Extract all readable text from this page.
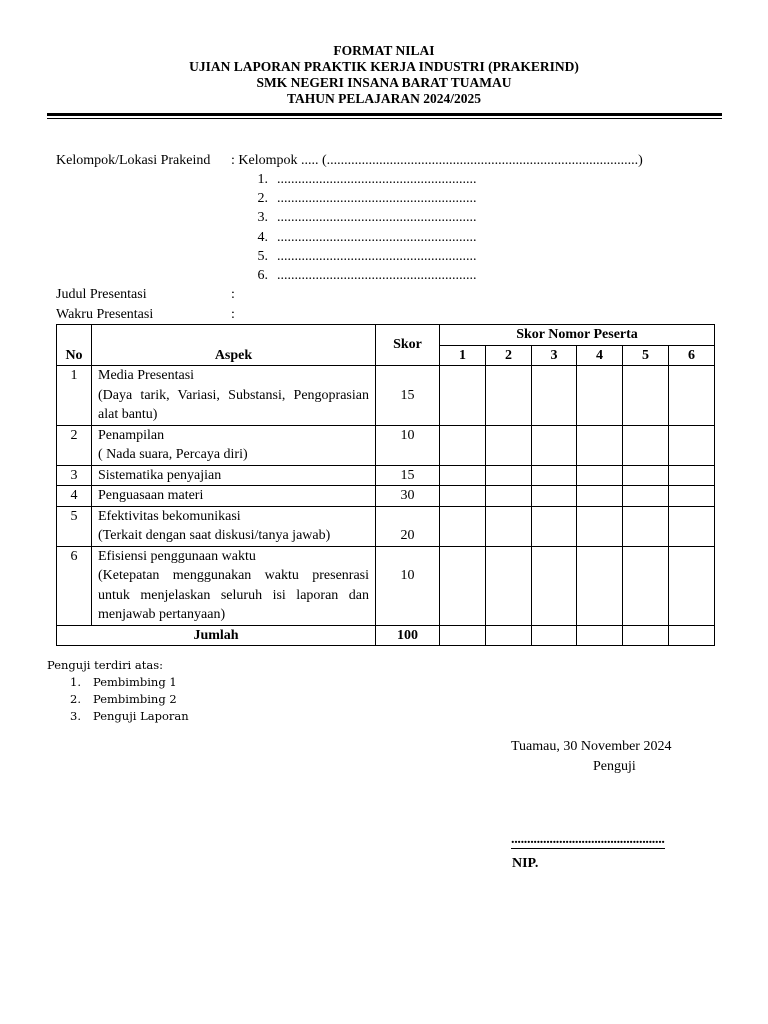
FORMAT NILAI
UJIAN LAPORAN PRAKTIK KERJA INDUSTRI (PRAKERIND)
SMK NEGERI INSANA BARAT TUAMAU
TAHUN PELAJARAN 2024/2025
Kelompok/Lokasi Prakeind : Kelompok ..... (.........................................................................................)
1. .........................................................
2. .........................................................
3. .........................................................
4. .........................................................
5. .........................................................
6. .........................................................
Judul Presentasi	:
Wakru Presentasi	:
No	Aspek	Skor	Skor Nomor Peserta					
			1	2	3	4	5	6
1	Media Presentasi
(Daya tarik, Variasi, Substansi, Pengoprasian alat bantu)	15						
2	Penampilan
( Nada suara, Percaya diri)	10						
3	Sistematika penyajian	15						
4	Penguasaan materi	30						
5	Efektivitas bekomunikasi
(Terkait dengan saat diskusi/tanya jawab)	20						
6	Efisiensi penggunaan waktu
(Ketepatan menggunakan waktu presenrasi untuk menjelaskan seluruh isi laporan dan menjawab pertanyaan)	10						
Jumlah		100						
Penguji terdiri atas:
1.	Pembimbing 1
2.	Pembimbing 2
3.	Penguji Laporan
Tuamau, 30 November 2024
Penguji
................................................
NIP.
